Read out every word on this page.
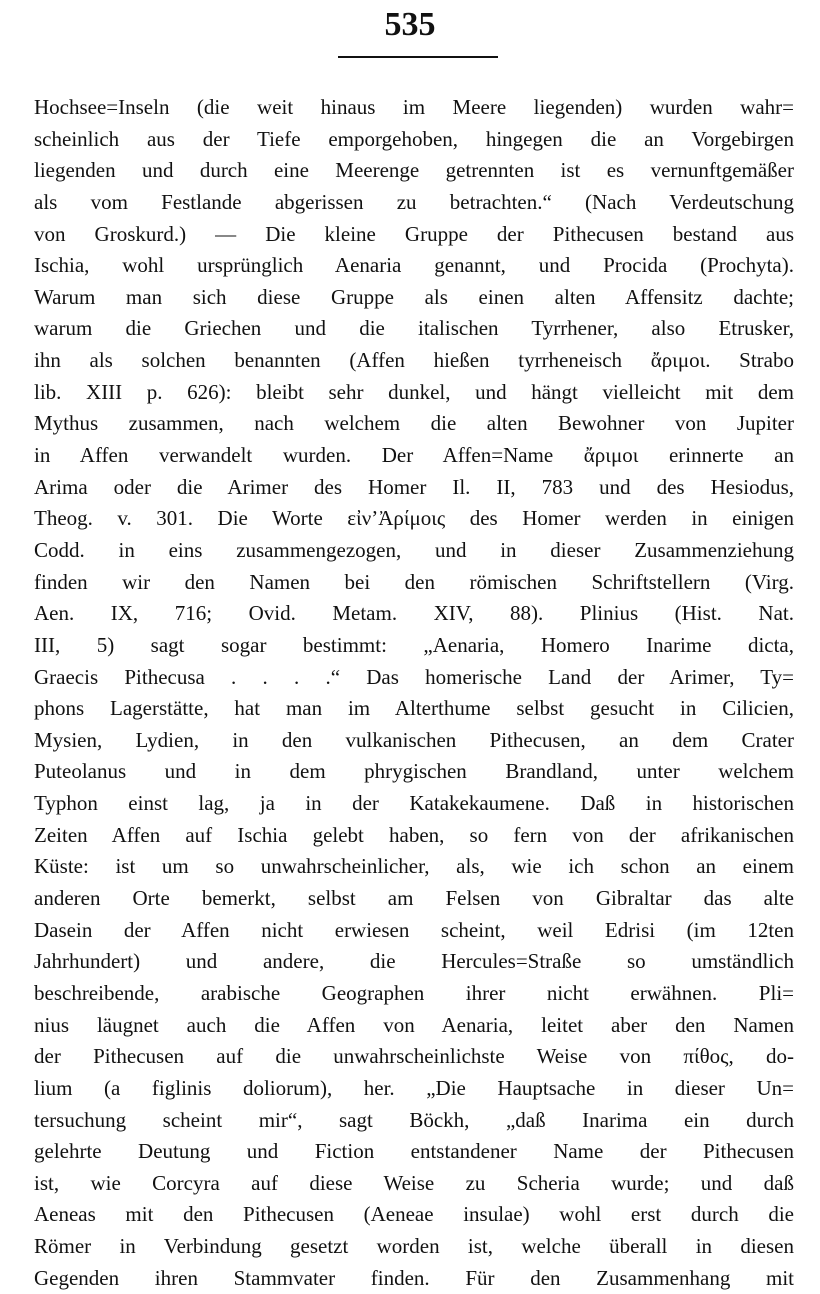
535
Hochsee=Inseln (die weit hinaus im Meere liegenden) wurden wahr=
scheinlich aus der Tiefe emporgehoben, hingegen die an Vorgebirgen
liegenden und durch eine Meerenge getrennten ist es vernunftgemäßer
als vom Festlande abgerissen zu betrachten.“ (Nach Verdeutschung
von Groskurd.) — Die kleine Gruppe der Pithecusen bestand aus
Ischia, wohl ursprünglich Aenaria genannt, und Procida (Prochyta).
Warum man sich diese Gruppe als einen alten Affensitz dachte;
warum die Griechen und die italischen Tyrrhener, also Etrusker,
ihn als solchen benannten (Affen hießen tyrrheneisch ἄριμοι. Strabo
lib. XIII p. 626): bleibt sehr dunkel, und hängt vielleicht mit dem
Mythus zusammen, nach welchem die alten Bewohner von Jupiter
in Affen verwandelt wurden. Der Affen=Name ἄριμοι erinnerte an
Arima oder die Arimer des Homer Il. II, 783 und des Hesiodus,
Theog. v. 301. Die Worte εἰν’Ἀρίμοις des Homer werden in einigen
Codd. in eins zusammengezogen, und in dieser Zusammenziehung
finden wir den Namen bei den römischen Schriftstellern (Virg.
Aen. IX, 716; Ovid. Metam. XIV, 88). Plinius (Hist. Nat.
III, 5) sagt sogar bestimmt: „Aenaria, Homero Inarime dicta,
Graecis Pithecusa . . . .“ Das homerische Land der Arimer, Ty=
phons Lagerstätte, hat man im Alterthume selbst gesucht in Cilicien,
Mysien, Lydien, in den vulkanischen Pithecusen, an dem Crater
Puteolanus und in dem phrygischen Brandland, unter welchem
Typhon einst lag, ja in der Katakekaumene. Daß in historischen
Zeiten Affen auf Ischia gelebt haben, so fern von der afrikanischen
Küste: ist um so unwahrscheinlicher, als, wie ich schon an einem
anderen Orte bemerkt, selbst am Felsen von Gibraltar das alte
Dasein der Affen nicht erwiesen scheint, weil Edrisi (im 12ten
Jahrhundert) und andere, die Hercules=Straße so umständlich
beschreibende, arabische Geographen ihrer nicht erwähnen. Pli=
nius läugnet auch die Affen von Aenaria, leitet aber den Namen
der Pithecusen auf die unwahrscheinlichste Weise von πίθος, do-
lium (a figlinis doliorum), her. „Die Hauptsache in dieser Un=
tersuchung scheint mir“, sagt Böckh, „daß Inarima ein durch
gelehrte Deutung und Fiction entstandener Name der Pithecusen
ist, wie Corcyra auf diese Weise zu Scheria wurde; und daß
Aeneas mit den Pithecusen (Aeneae insulae) wohl erst durch die
Römer in Verbindung gesetzt worden ist, welche überall in diesen
Gegenden ihren Stammvater finden. Für den Zusammenhang mit
